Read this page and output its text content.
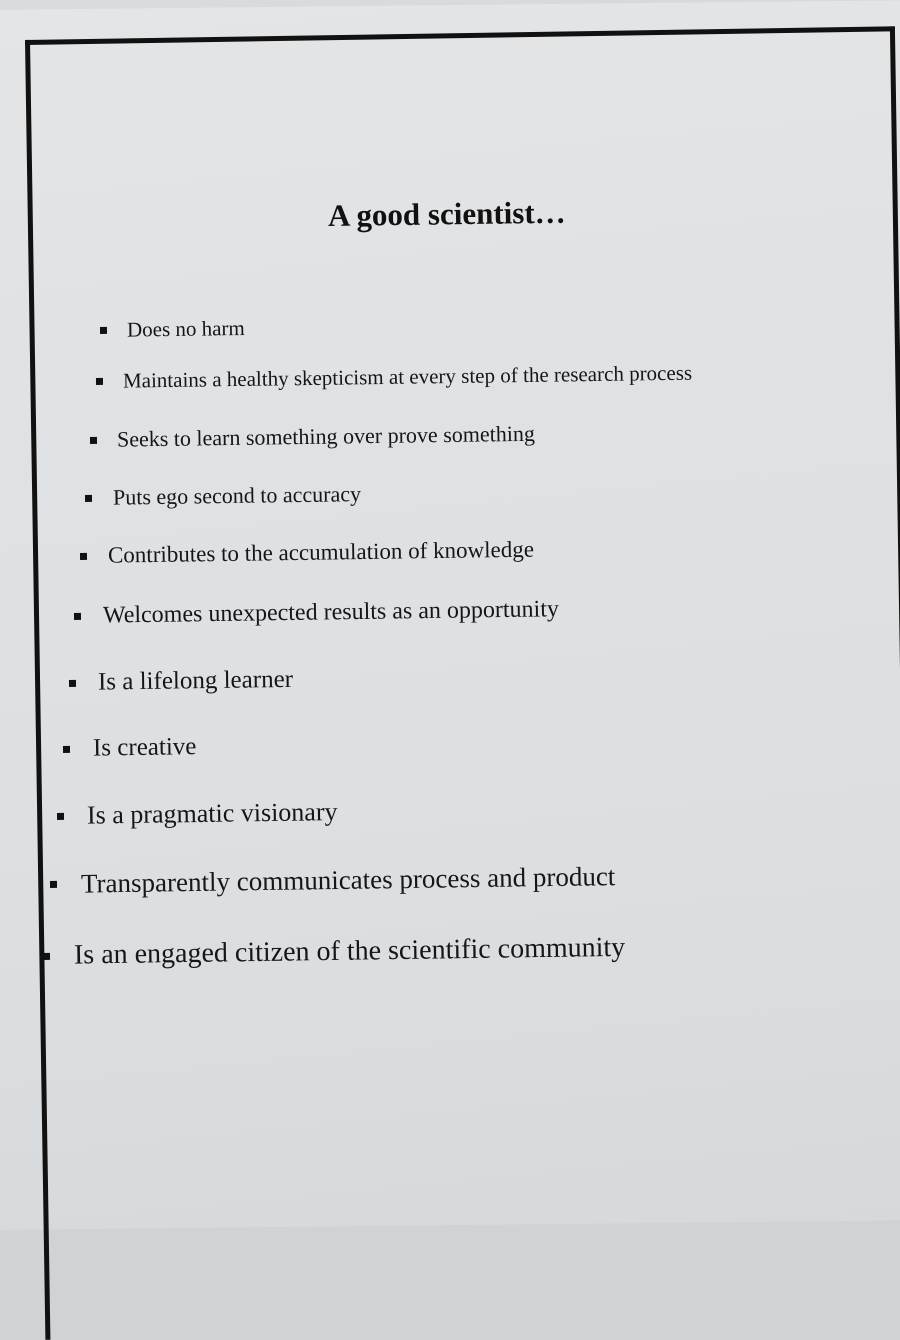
A good scientist…
Does no harm
Maintains a healthy skepticism at every step of the research process
Seeks to learn something over prove something
Puts ego second to accuracy
Contributes to the accumulation of knowledge
Welcomes unexpected results as an opportunity
Is a lifelong learner
Is creative
Is a pragmatic visionary
Transparently communicates process and product
Is an engaged citizen of the scientific community
